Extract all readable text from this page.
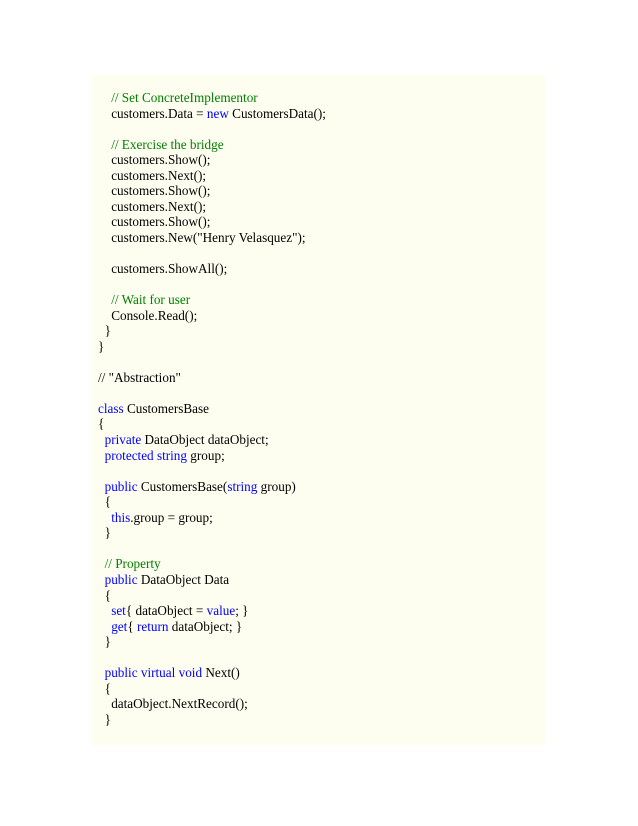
// Set ConcreteImplementor
customers.Data = new CustomersData();

// Exercise the bridge
customers.Show();
customers.Next();
customers.Show();
customers.Next();
customers.Show();
customers.New("Henry Velasquez");

customers.ShowAll();

// Wait for user
Console.Read();
}
}

// "Abstraction"

class CustomersBase
{
private DataObject dataObject;
protected string group;

public CustomersBase(string group)
{
this.group = group;
}

// Property
public DataObject Data
{
set{ dataObject = value; }
get{ return dataObject; }
}

public virtual void Next()
{
dataObject.NextRecord();
}
